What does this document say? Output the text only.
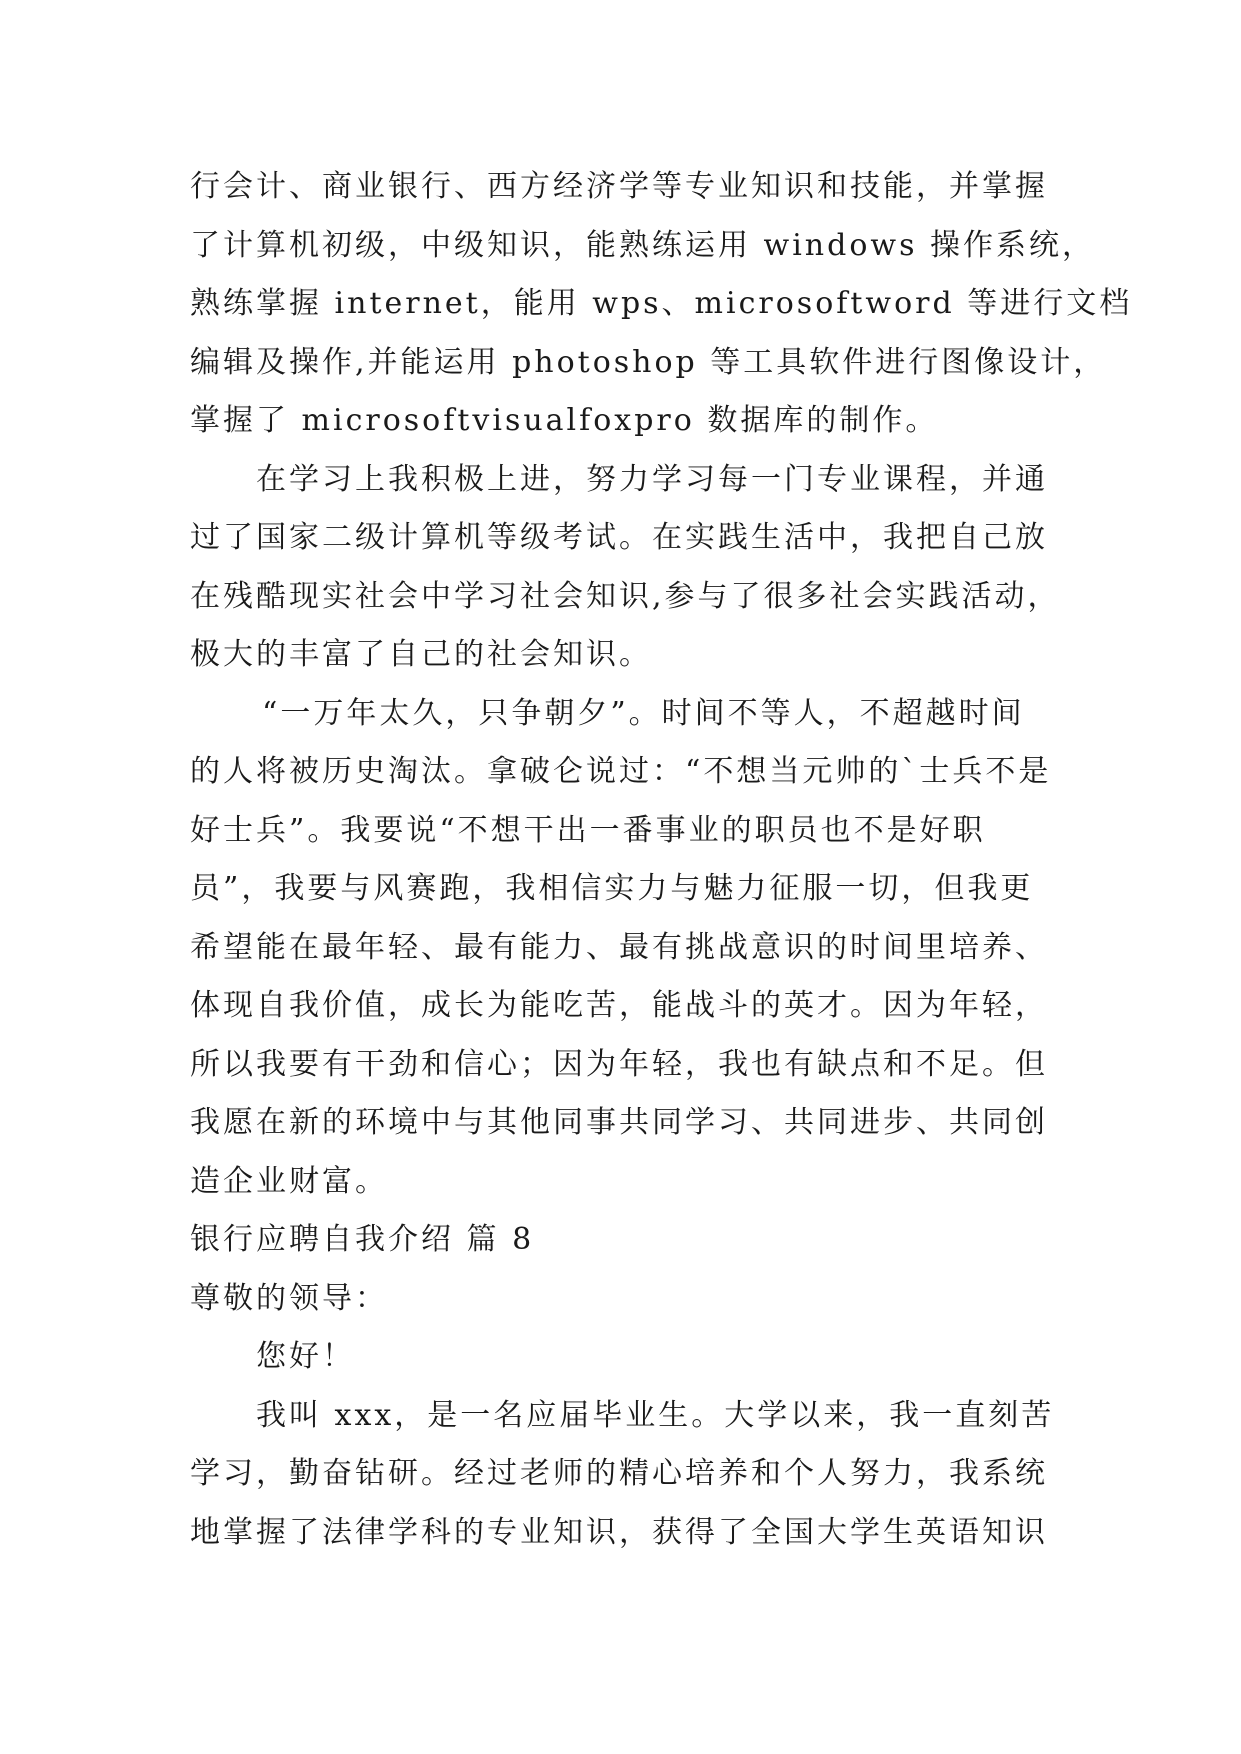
行会计、商业银行、西方经济学等专业知识和技能，并掌握
了计算机初级，中级知识，能熟练运用 windows 操作系统，
熟练掌握 internet，能用 wps、microsoftword 等进行文档
编辑及操作,并能运用 photoshop 等工具软件进行图像设计，
掌握了 microsoftvisualfoxpro 数据库的制作。
在学习上我积极上进，努力学习每一门专业课程，并通
过了国家二级计算机等级考试。在实践生活中，我把自己放
在残酷现实社会中学习社会知识,参与了很多社会实践活动，
极大的丰富了自己的社会知识。
“一万年太久，只争朝夕”。时间不等人，不超越时间
的人将被历史淘汰。拿破仑说过：“不想当元帅的`士兵不是
好士兵”。我要说“不想干出一番事业的职员也不是好职
员”，我要与风赛跑，我相信实力与魅力征服一切，但我更
希望能在最年轻、最有能力、最有挑战意识的时间里培养、
体现自我价值，成长为能吃苦，能战斗的英才。因为年轻，
所以我要有干劲和信心；因为年轻，我也有缺点和不足。但
我愿在新的环境中与其他同事共同学习、共同进步、共同创
造企业财富。
银行应聘自我介绍 篇 8
尊敬的领导：
您好！
我叫 xxx，是一名应届毕业生。大学以来，我一直刻苦
学习，勤奋钻研。经过老师的精心培养和个人努力，我系统
地掌握了法律学科的专业知识，获得了全国大学生英语知识
